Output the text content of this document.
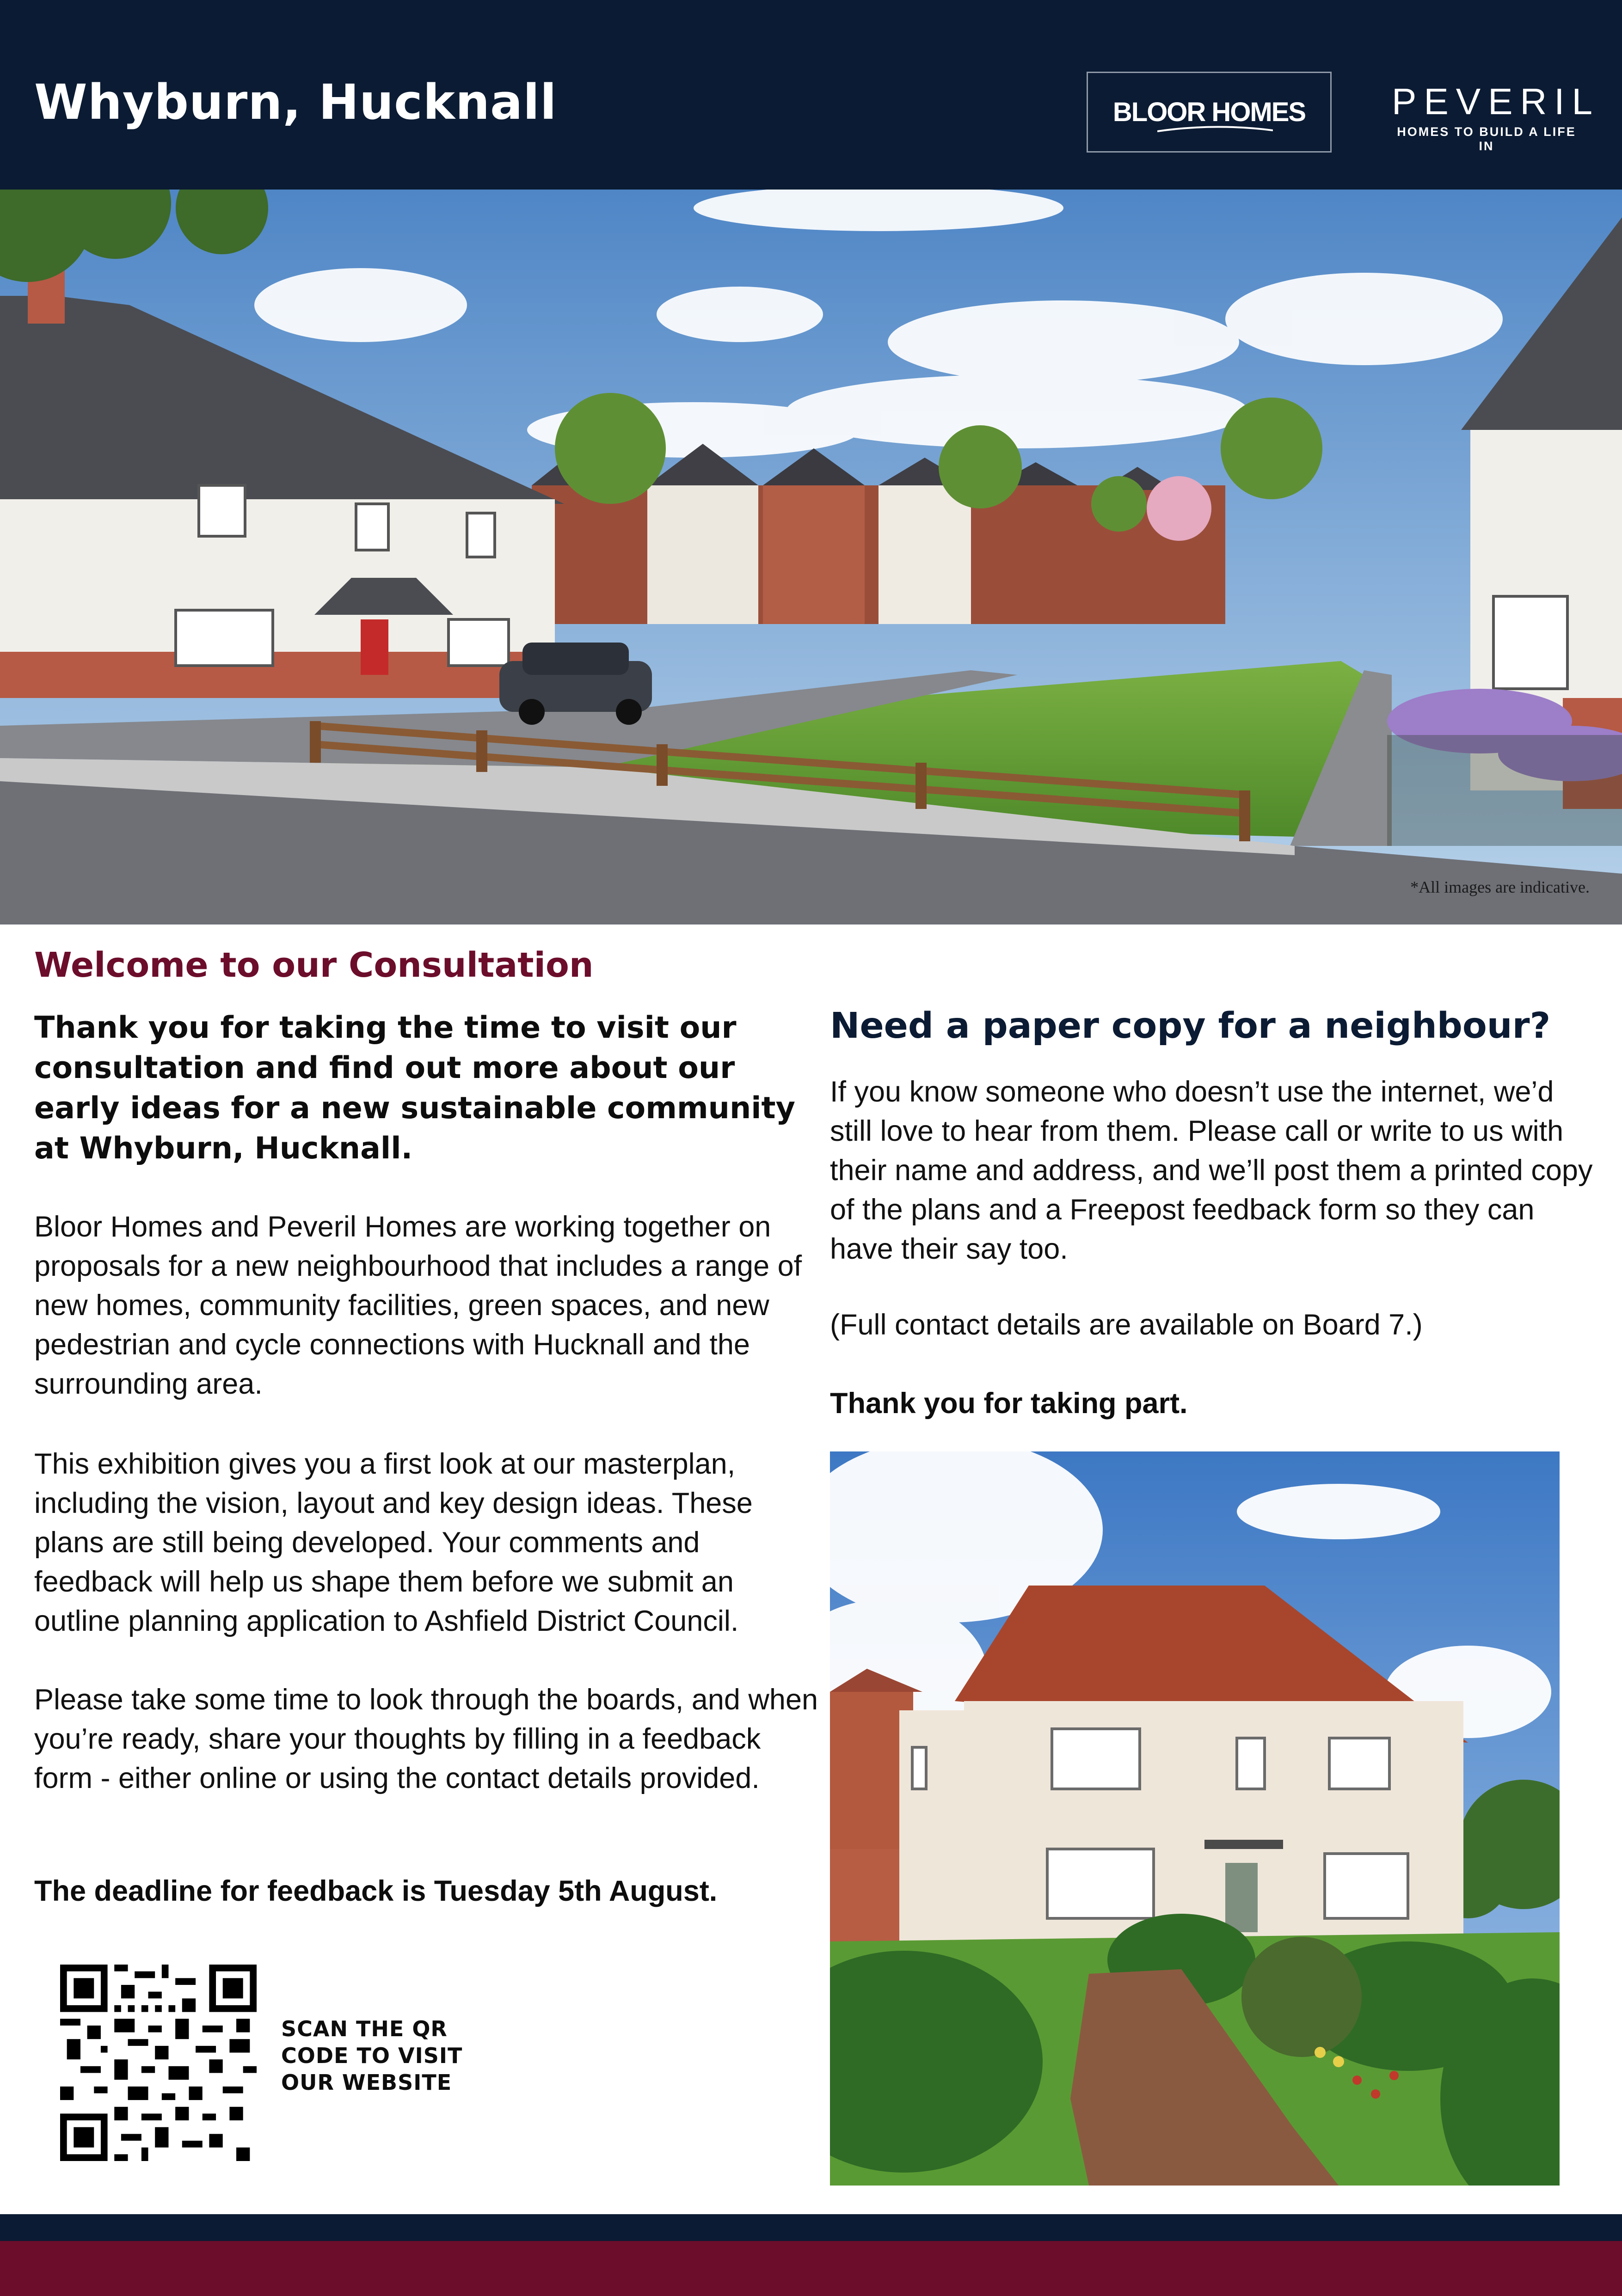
Whyburn, Hucknall	BLOOR HOMES PEVERIL
HOMES TO BUILD A LIFE IN
*All images are indicative.
Welcome to our Consultation
Thank you for taking the time to visit our consultation and find out more about our early ideas for a new sustainable community at Whyburn, Hucknall.
Bloor Homes and Peveril Homes are working together on proposals for a new neighbourhood that includes a range of new homes, community facilities, green spaces, and new pedestrian and cycle connections with Hucknall and the surrounding area.
This exhibition gives you a first look at our masterplan, including the vision, layout and key design ideas. These plans are still being developed. Your comments and feedback will help us shape them before we submit an outline planning application to Ashfield District Council.
Please take some time to look through the boards, and when you’re ready, share your thoughts by filling in a feedback form - either online or using the contact details provided.
The deadline for feedback is Tuesday 5th August.
SCAN THE QR
CODE TO VISIT
OUR WEBSITE
Need a paper copy for a neighbour?
If you know someone who doesn’t use the internet, we’d still love to hear from them. Please call or write to us with their name and address, and we’ll post them a printed copy of the plans and a Freepost feedback form so they can have their say too.
(Full contact details are available on Board 7.)
Thank you for taking part.
